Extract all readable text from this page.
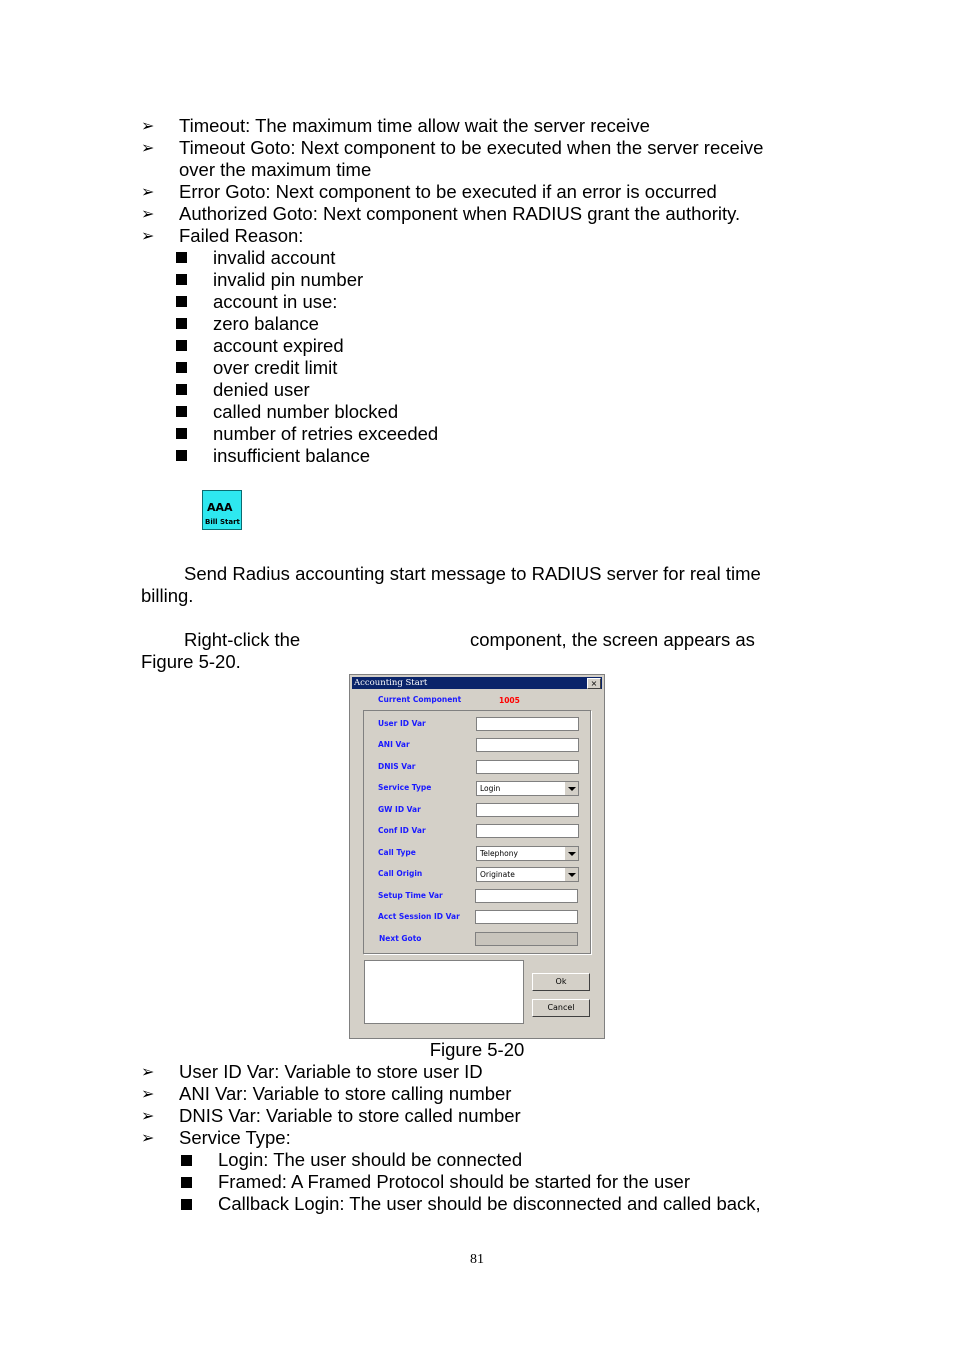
➢ Timeout: The maximum time allow wait the server receive
➢ Timeout Goto: Next component to be executed when the server receive
over the maximum time
➢ Error Goto: Next component to be executed if an error is occurred
➢ Authorized Goto: Next component when RADIUS grant the authority.
➢ Failed Reason:
invalid account
invalid pin number
account in use:
zero balance
account expired
over credit limit
denied user
called number blocked
number of retries exceeded
insufficient balance
AAA
Bill Start
Send Radius accounting start message to RADIUS server for real time
billing.
Right-click the	component, the screen appears as
Figure 5-20.
Accounting Start	×
Current Component	1005
User ID Var
ANI Var
DNIS Var
Service Type	Login
GW ID Var
Conf ID Var
Call Type	Telephony
Call Origin	Originate
Setup Time Var
Acct Session ID Var
Next Goto
Ok
Cancel
Figure 5-20
➢ User ID Var: Variable to store user ID
➢ ANI Var: Variable to store calling number
➢ DNIS Var: Variable to store called number
➢ Service Type:
Login: The user should be connected
Framed: A Framed Protocol should be started for the user
Callback Login: The user should be disconnected and called back,
81
